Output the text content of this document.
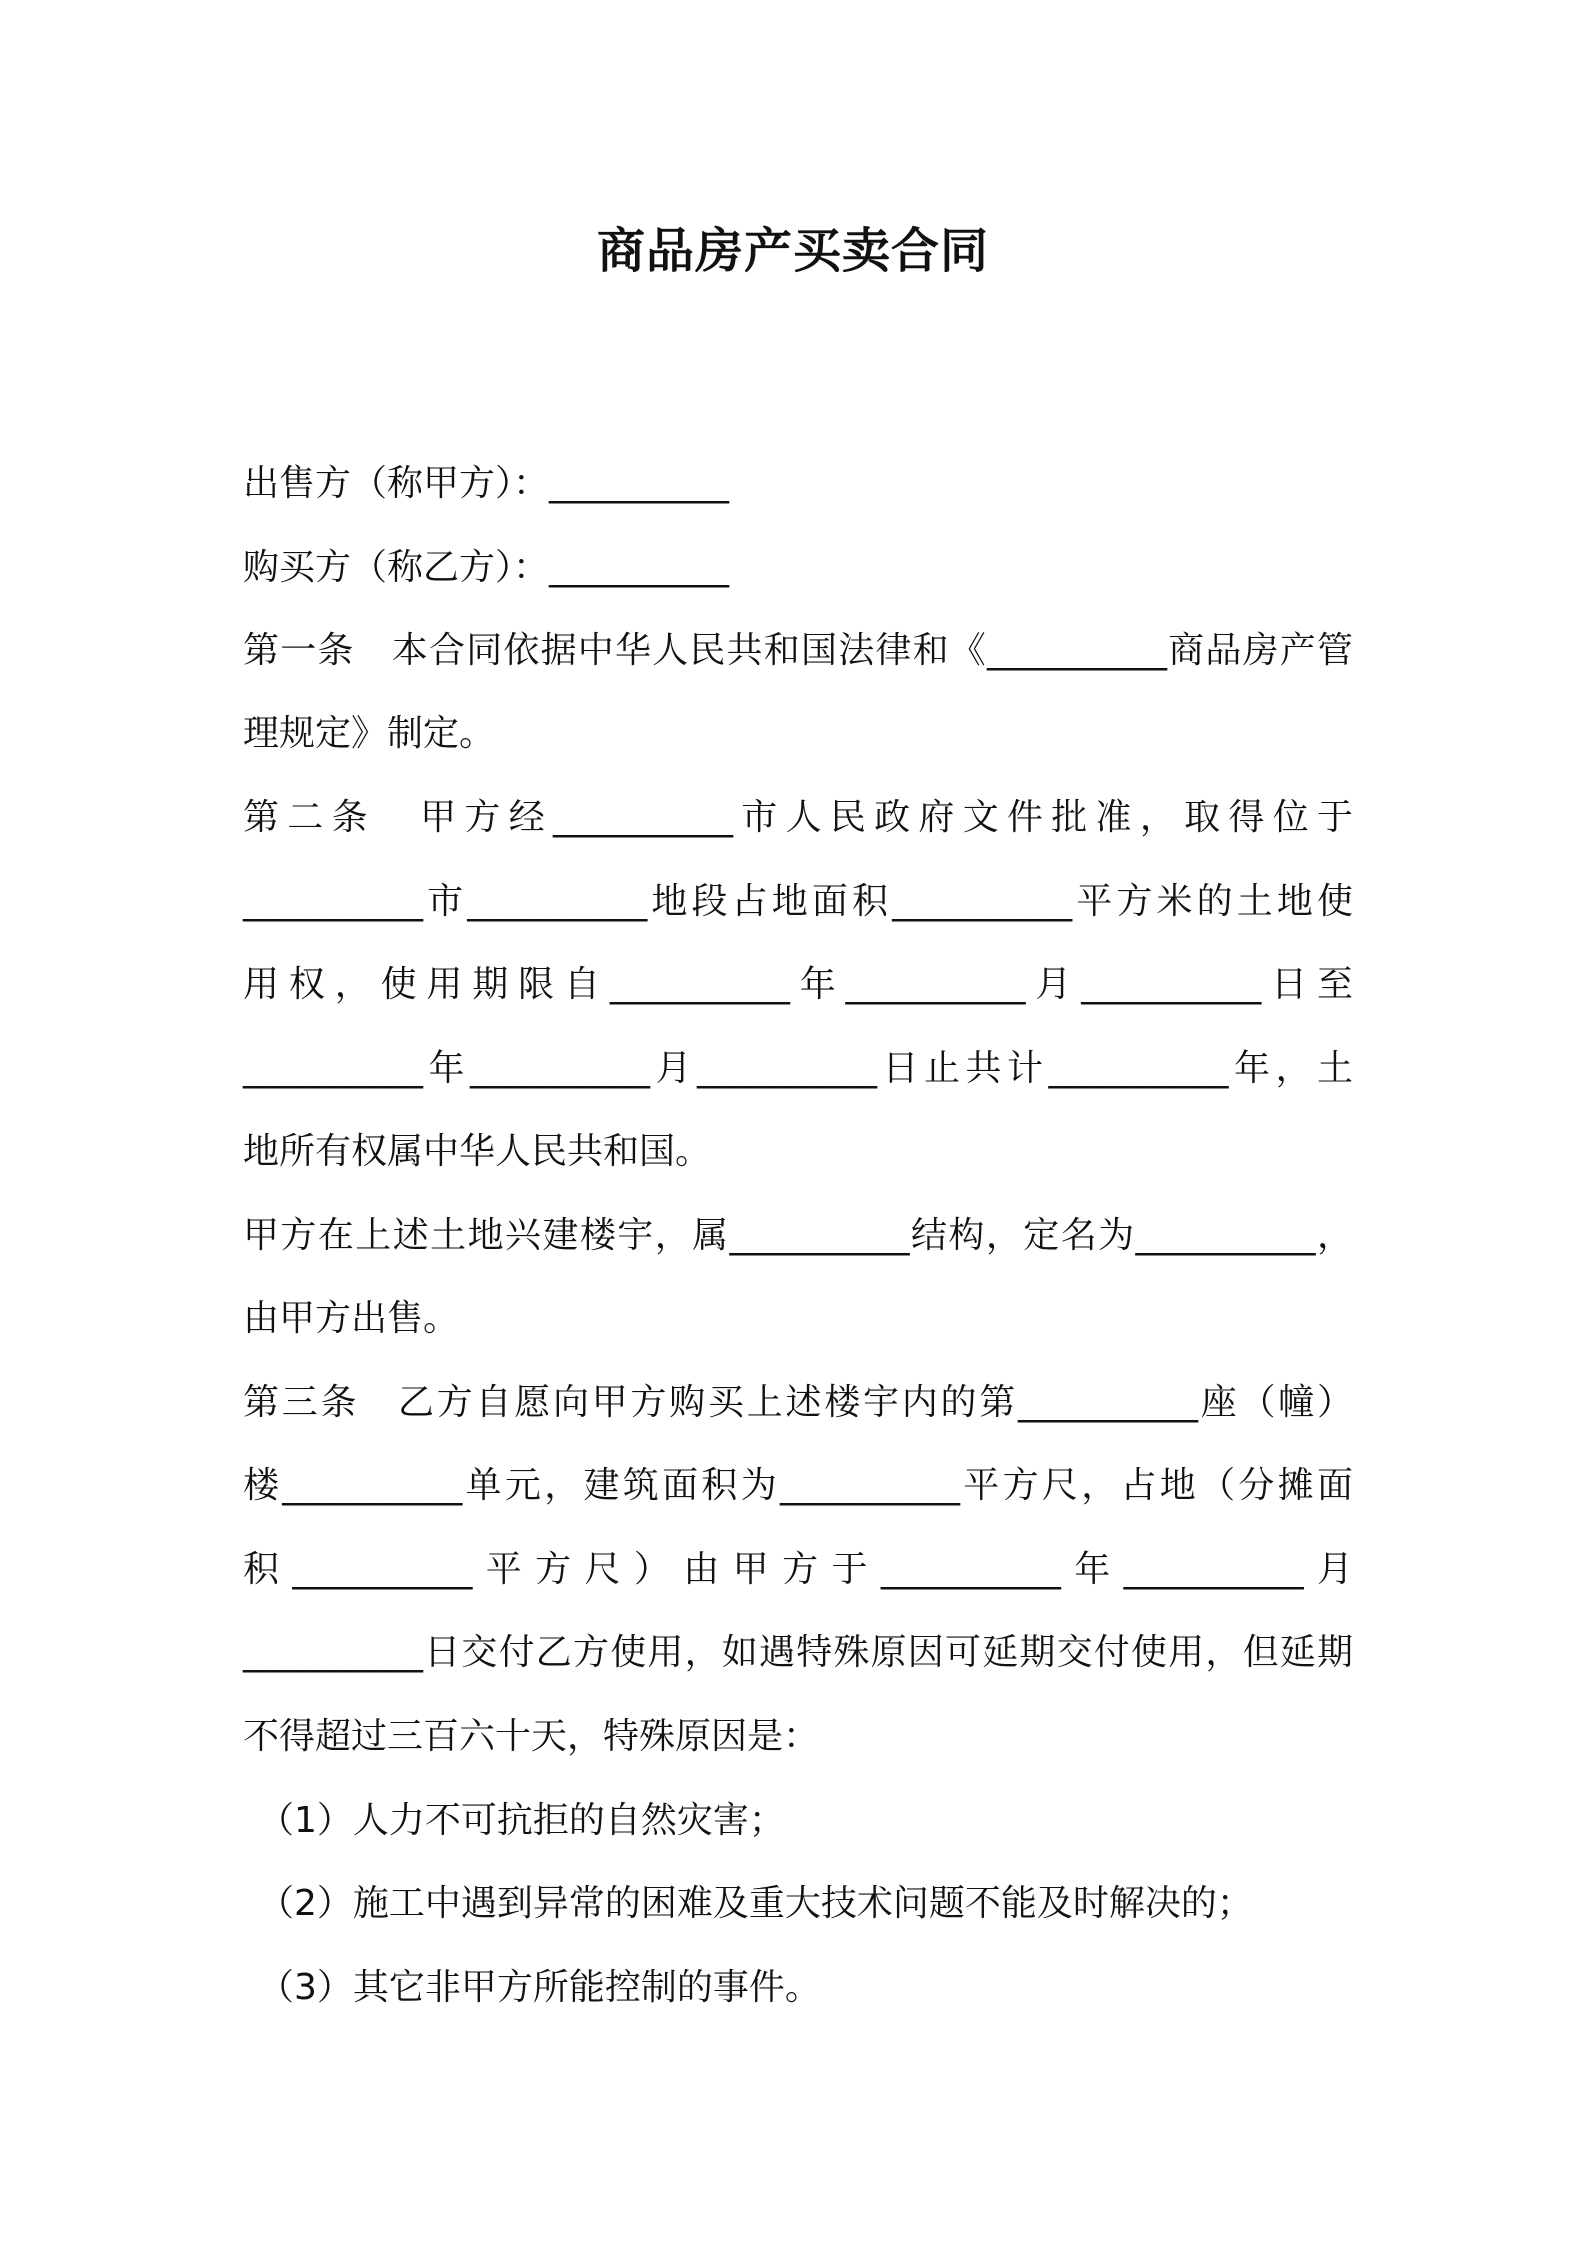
商品房产买卖合同
出售方（称甲方）：__________
购买方（称乙方）：__________
第一条　本合同依据中华人民共和国法律和《__________商品房产管
理规定》制定。
第二条　甲方经__________市人民政府文件批准，取得位于
__________市__________地段占地面积__________平方米的土地使
用权，使用期限自__________年__________月__________日至
__________年__________月__________日止共计__________年，土
地所有权属中华人民共和国。
甲方在上述土地兴建楼宇，属__________结构，定名为__________，
由甲方出售。
第三条　乙方自愿向甲方购买上述楼宇内的第__________座（幢）
楼__________单元，建筑面积为__________平方尺，占地（分摊面
积__________平方尺）由甲方于__________年__________月
__________日交付乙方使用，如遇特殊原因可延期交付使用，但延期
不得超过三百六十天，特殊原因是：
（1）人力不可抗拒的自然灾害；
（2）施工中遇到异常的困难及重大技术问题不能及时解决的；
（3）其它非甲方所能控制的事件。
